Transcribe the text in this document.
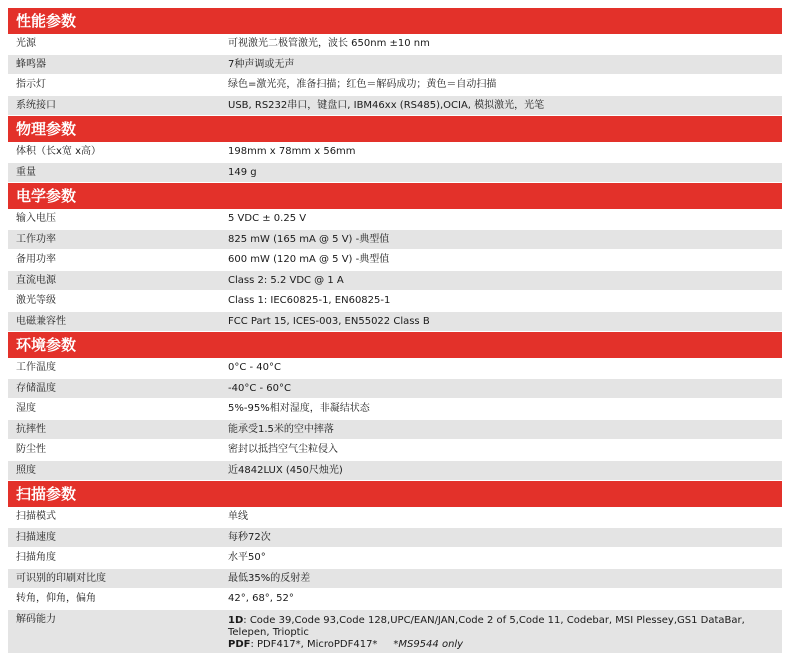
性能参数
光源	可视激光二极管激光，波长 650nm ±10 nm
蜂鸣器	7种声调或无声
指示灯	绿色=激光亮，准备扫描；红色＝解码成功；黄色＝自动扫描
系统接口	USB, RS232串口，键盘口, IBM46xx (RS485),OCIA, 模拟激光，光笔
物理参数
体积（长x宽 x高）	198mm x 78mm x 56mm
重量	149 g
电学参数
输入电压	5 VDC ± 0.25 V
工作功率	825 mW (165 mA @ 5 V) -典型值
备用功率	600 mW (120 mA @ 5 V) -典型值
直流电源	Class 2: 5.2 VDC @ 1 A
激光等级	Class 1: IEC60825-1, EN60825-1
电磁兼容性	FCC Part 15, ICES-003, EN55022 Class B
环境参数
工作温度	0°C - 40°C
存储温度	-40°C - 60°C
湿度	5%-95%相对湿度，非凝结状态
抗摔性	能承受1.5米的空中摔落
防尘性	密封以抵挡空气尘粒侵入
照度	近4842LUX (450尺烛光)
扫描参数
扫描模式	单线
扫描速度	每秒72次
扫描角度	水平50°
可识别的印刷对比度	最低35%的反射差
转角，仰角，偏角	42°, 68°, 52°
解码能力	1D: Code 39,Code 93,Code 128,UPC/EAN/JAN,Code 2 of 5,Code 11, Codebar, MSI Plessey,GS1 DataBar, Telepen, Trioptic
PDF: PDF417*, MicroPDF417* *MS9544 only
